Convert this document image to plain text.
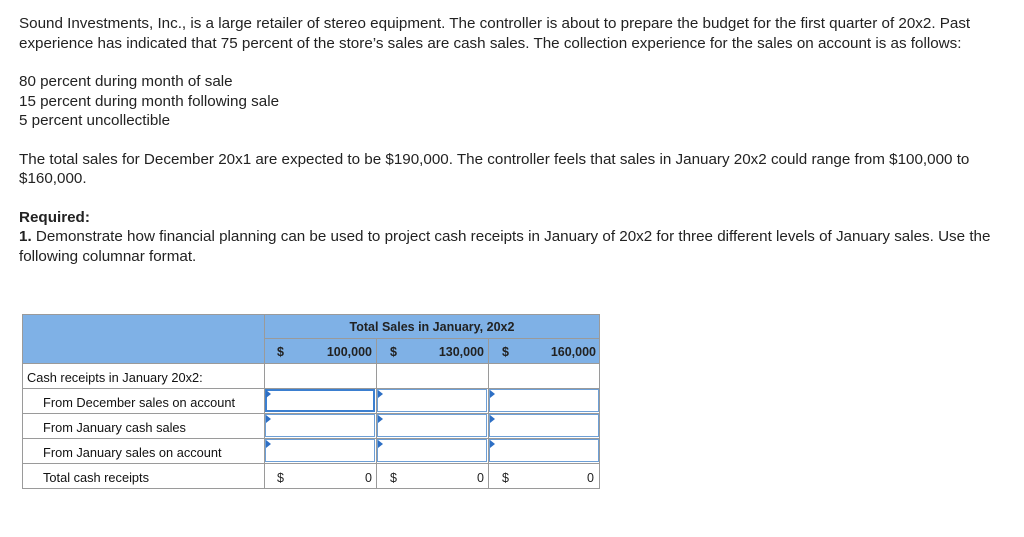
Sound Investments, Inc., is a large retailer of stereo equipment. The controller is about to prepare the budget for the first quarter of 20x2. Past experience has indicated that 75 percent of the store’s sales are cash sales. The collection experience for the sales on account is as follows:

80 percent during month of sale

15 percent during month following sale

5 percent uncollectible

The total sales for December 20x1 are expected to be $190,000. The controller feels that sales in January 20x2 could range from $100,000 to $160,000.

Required:

1. Demonstrate how financial planning can be used to project cash receipts in January of 20x2 for three different levels of January sales. Use the following columnar format.

Total Sales in January, 20x2
$	100,000 $	130,000 $	160,000
Cash receipts in January 20x2:
From December sales on account
From January cash sales
From January sales on account
Total cash receipts	$	0 $	0 $	0
